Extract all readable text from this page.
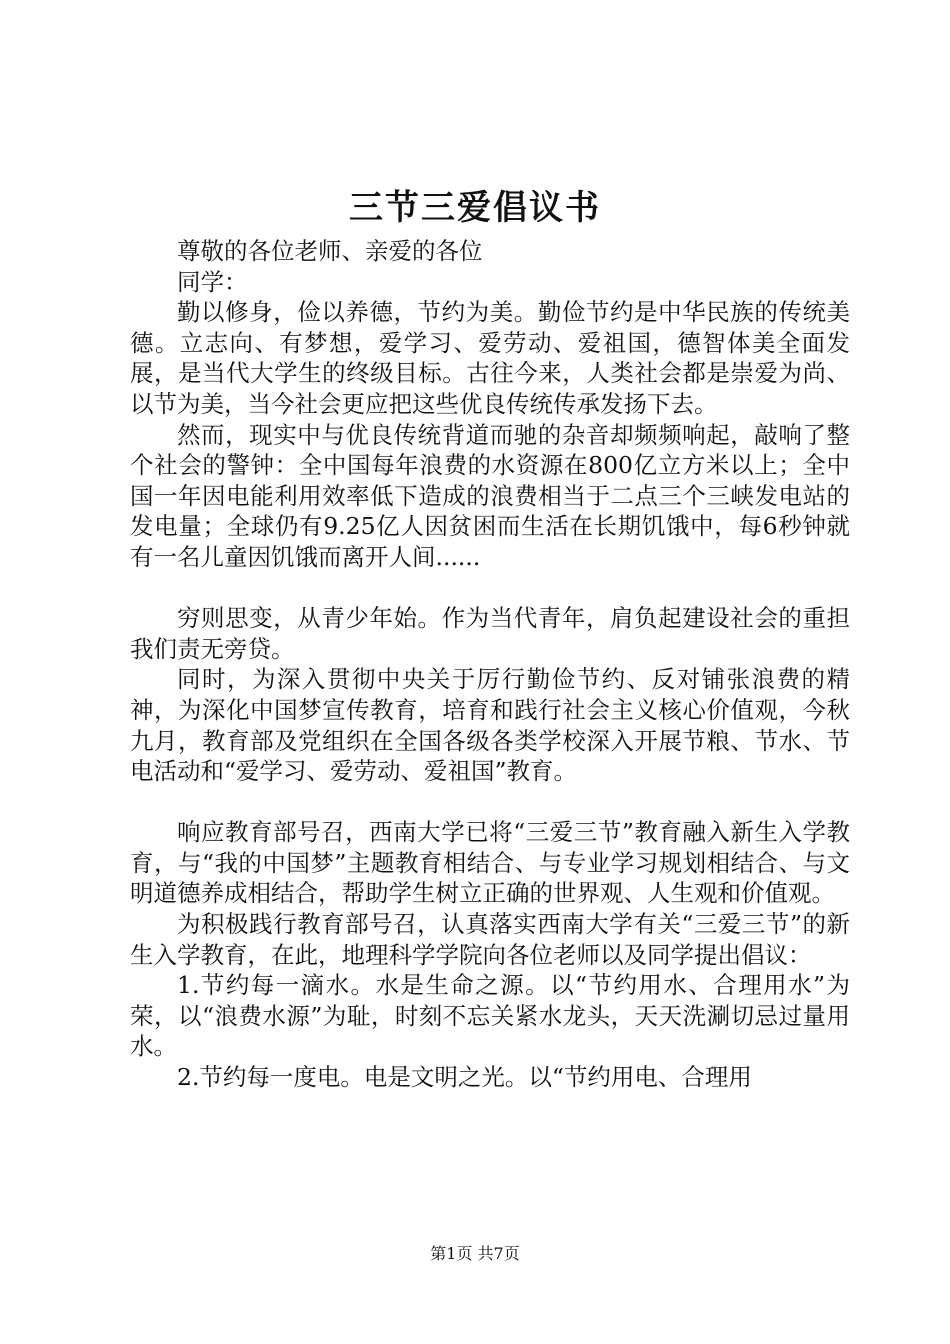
三节三爱倡议书

尊敬的各位老师、亲爱的各位

同学：

勤以修身，俭以养德，节约为美。勤俭节约是中华民族的传统美德。立志向、有梦想，爱学习、爱劳动、爱祖国，德智体美全面发展，是当代大学生的终级目标。古往今来，人类社会都是崇爱为尚、以节为美，当今社会更应把这些优良传统传承发扬下去。

然而，现实中与优良传统背道而驰的杂音却频频响起，敲响了整个社会的警钟：全中国每年浪费的水资源在800亿立方米以上；全中国一年因电能利用效率低下造成的浪费相当于二点三个三峡发电站的发电量；全球仍有9.25亿人因贫困而生活在长期饥饿中，每6秒钟就有一名儿童因饥饿而离开人间......

穷则思变，从青少年始。作为当代青年，肩负起建设社会的重担我们责无旁贷。

同时，为深入贯彻中央关于厉行勤俭节约、反对铺张浪费的精神，为深化中国梦宣传教育，培育和践行社会主义核心价值观，今秋九月，教育部及党组织在全国各级各类学校深入开展节粮、节水、节电活动和“爱学习、爱劳动、爱祖国”教育。

响应教育部号召，西南大学已将“三爱三节”教育融入新生入学教育，与“我的中国梦”主题教育相结合、与专业学习规划相结合、与文明道德养成相结合，帮助学生树立正确的世界观、人生观和价值观。

为积极践行教育部号召，认真落实西南大学有关“三爱三节”的新生入学教育，在此，地理科学学院向各位老师以及同学提出倡议：

1.节约每一滴水。水是生命之源。以“节约用水、合理用水”为荣，以“浪费水源”为耻，时刻不忘关紧水龙头，天天洗涮切忌过量用水。

2.节约每一度电。电是文明之光。以“节约用电、合理用

第1页 共7页
